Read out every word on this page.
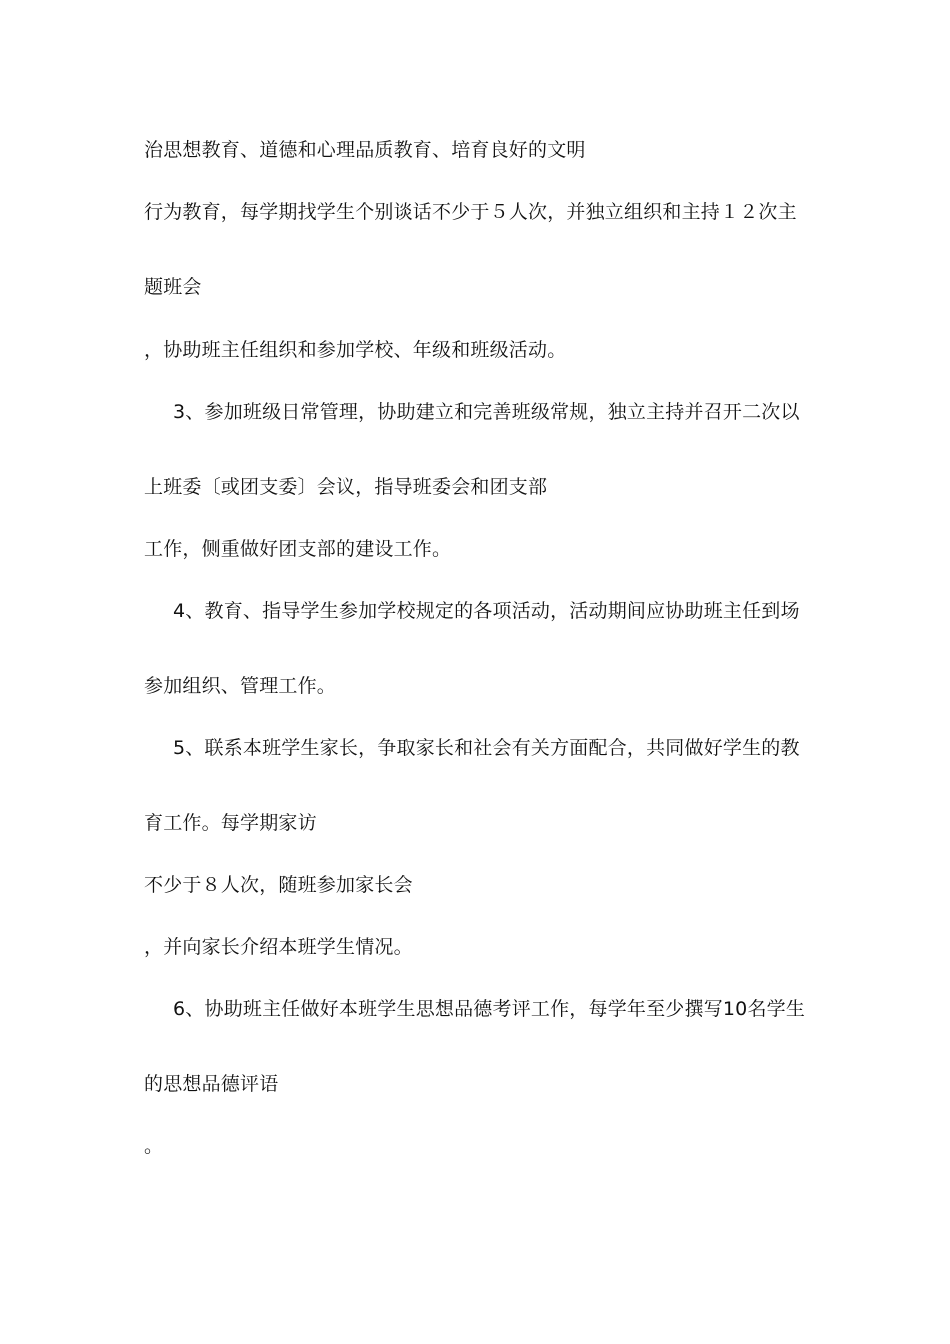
治思想教育、道德和心理品质教育、培育良好的文明
行为教育，每学期找学生个别谈话不少于５人次，并独立组织和主持１２次主
题班会
，协助班主任组织和参加学校、年级和班级活动。
3、参加班级日常管理，协助建立和完善班级常规，独立主持并召开二次以
上班委〔或团支委〕会议，指导班委会和团支部
工作，侧重做好团支部的建设工作。
4、教育、指导学生参加学校规定的各项活动，活动期间应协助班主任到场
参加组织、管理工作。
5、联系本班学生家长，争取家长和社会有关方面配合，共同做好学生的教
育工作。每学期家访
不少于８人次，随班参加家长会
，并向家长介绍本班学生情况。
6、协助班主任做好本班学生思想品德考评工作，每学年至少撰写10名学生
的思想品德评语
。
